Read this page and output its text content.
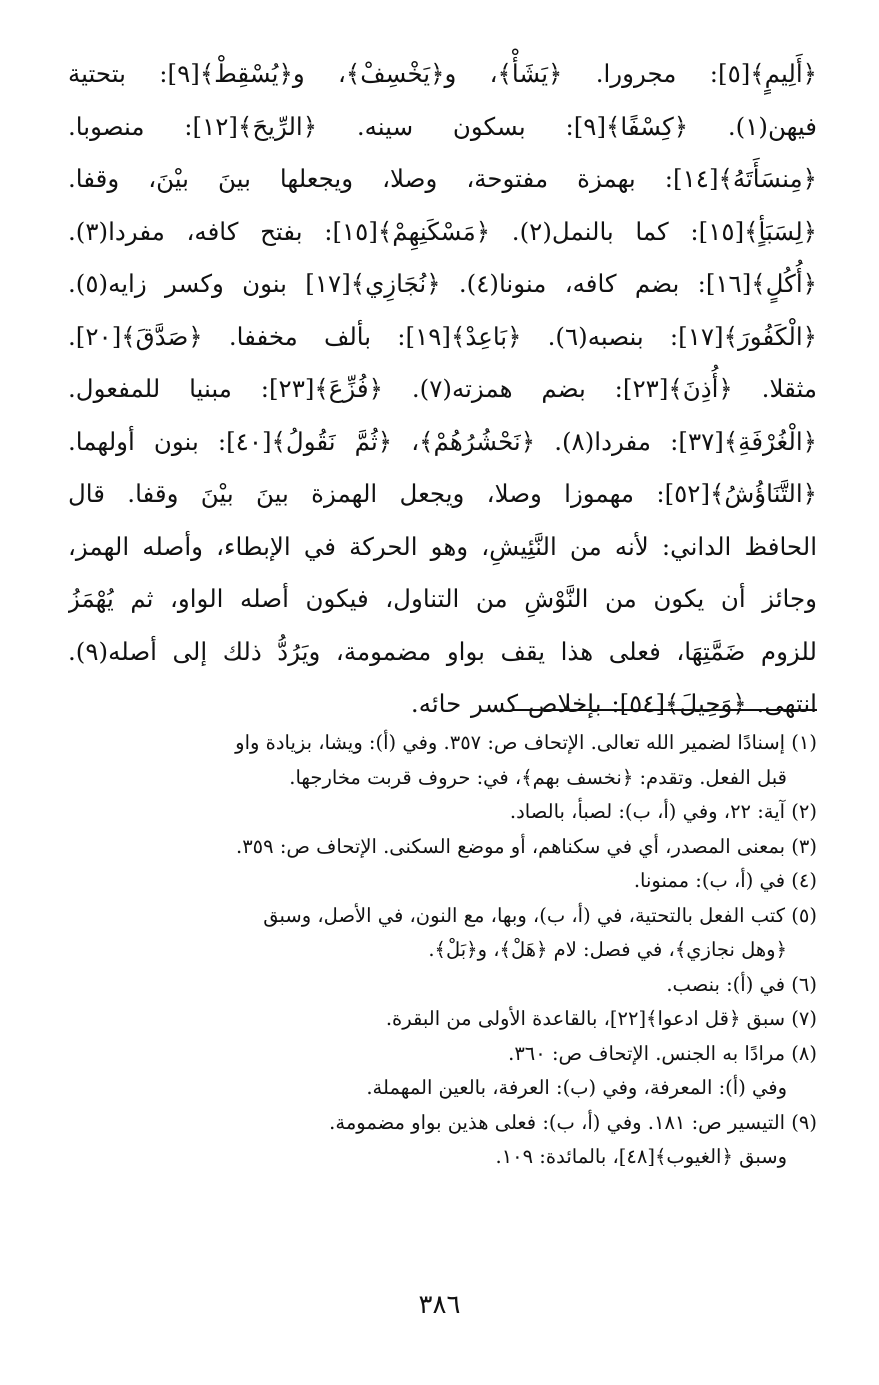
﴿أَلِيمٍ﴾[٥]: مجرورا. ﴿يَشَأْ﴾، و﴿يَخْسِفْ﴾، و﴿يُسْقِطْ﴾[٩]: بتحتية
فيهن(١). ﴿كِسْفًا﴾[٩]: بسكون سينه. ﴿الرِّيحَ﴾[١٢]: منصوبا.
﴿مِنسَأَتَهُ﴾[١٤]: بهمزة مفتوحة، وصلا، ويجعلها بينَ بيْنَ، وقفا.
﴿لِسَبَأٍ﴾[١٥]: كما بالنمل(٢). ﴿مَسْكَنِهِمْ﴾[١٥]: بفتح كافه، مفردا(٣).
﴿أُكُلٍ﴾[١٦]: بضم كافه، منونا(٤). ﴿نُجَازِي﴾[١٧] بنون وكسر زايه(٥).
﴿الْكَفُورَ﴾[١٧]: بنصبه(٦). ﴿بَاعِدْ﴾[١٩]: بألف مخففا. ﴿صَدَّقَ﴾[٢٠].
مثقلا. ﴿أُذِنَ﴾[٢٣]: بضم همزته(٧). ﴿فُزِّعَ﴾[٢٣]: مبنيا للمفعول.
﴿الْغُرْفَةِ﴾[٣٧]: مفردا(٨). ﴿نَحْشُرُهُمْ﴾، ﴿ثُمَّ نَقُولُ﴾[٤٠]: بنون أولهما.
﴿التَّنَاؤُشُ﴾[٥٢]: مهموزا وصلا، ويجعل الهمزة بينَ بيْنَ وقفا. قال
الحافظ الداني: لأنه من النَّئِيشِ، وهو الحركة في الإبطاء، وأصله الهمز،
وجائز أن يكون من النَّوْشِ من التناول، فيكون أصله الواو، ثم يُهْمَزُ
للزوم ضَمَّتِهَا، فعلى هذا يقف بواو مضمومة، ويَرُدُّ ذلك إلى أصله(٩).
انتهى. ﴿وَحِيلَ﴾[٥٤]: بإخلاص كسر حائه.
(١) إسنادًا لضمير الله تعالى. الإتحاف ص: ٣٥٧. وفي (أ): ويشا، بزيادة واو
قبل الفعل. وتقدم: ﴿نخسف بهم﴾، في: حروف قربت مخارجها.
(٢) آية: ٢٢، وفي (أ، ب): لصبأ، بالصاد.
(٣) بمعنى المصدر، أي في سكناهم، أو موضع السكنى. الإتحاف ص: ٣٥٩.
(٤) في (أ، ب): ممنونا.
(٥) كتب الفعل بالتحتية، في (أ، ب)، وبها، مع النون، في الأصل، وسبق
﴿وهل نجازي﴾، في فصل: لام ﴿هَلْ﴾، و﴿بَلْ﴾.
(٦) في (أ): بنصب.
(٧) سبق ﴿قل ادعوا﴾[٢٢]، بالقاعدة الأولى من البقرة.
(٨) مرادًا به الجنس. الإتحاف ص: ٣٦٠.
وفي (أ): المعرفة، وفي (ب): العرفة، بالعين المهملة.
(٩) التيسير ص: ١٨١. وفي (أ، ب): فعلى هذين بواو مضمومة.
وسبق ﴿الغيوب﴾[٤٨]، بالمائدة: ١٠٩.
٣٨٦
